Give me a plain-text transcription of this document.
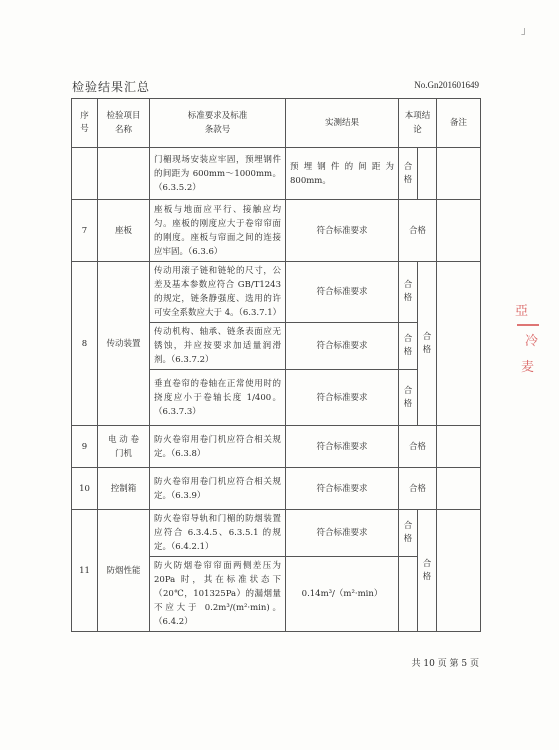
」
检验结果汇总	No.Gn201601649
亞
冷
麦
序号	检验项目名称	标准要求及标准条款号	实测结果	本项结论		备注
		门楣现场安装应牢固，预埋钢件的间距为 600mm～1000mm。（6.3.5.2）	预埋钢件的间距为800mm。	合格		

7	座板	座板与地面应平行、接触应均匀。座板的刚度应大于卷帘帘面的刚度。座板与帘面之间的连接应牢固。（6.3.6）	符合标准要求	合格		
8	传动装置	传动用滚子链和链轮的尺寸，公差及基本参数应符合 GB/T1243 的规定，链条静强度、选用的许可安全系数应大于 4。（6.3.7.1）	符合标准要求	合格	合格	

		传动机构、轴承、链条表面应无锈蚀，并应按要求加适量润滑剂。（6.3.7.2）	符合标准要求	合格		

		垂直卷帘的卷轴在正常使用时的挠度应小于卷轴长度 1/400。（6.3.7.3）	符合标准要求	合格		

9	电 动 卷门机	防火卷帘用卷门机应符合相关规定。（6.3.8）	符合标准要求	合格		
10	控制箱	防火卷帘用卷门机应符合相关规定。（6.3.9）	符合标准要求	合格		
11	防烟性能	防火卷帘导轨和门楣的防烟装置应符合 6.3.4.5、6.3.5.1 的规定。（6.4.2.1）	符合标准要求	合格	合格	

		防火防烟卷帘帘面两侧差压为 20Pa 时，其在标准状态下（20℃，101325Pa）的漏烟量不应大于 0.2m³/(m²·min)。（6.4.2）	0.14m³/（m²·min）			
共 10 页 第 5 页
